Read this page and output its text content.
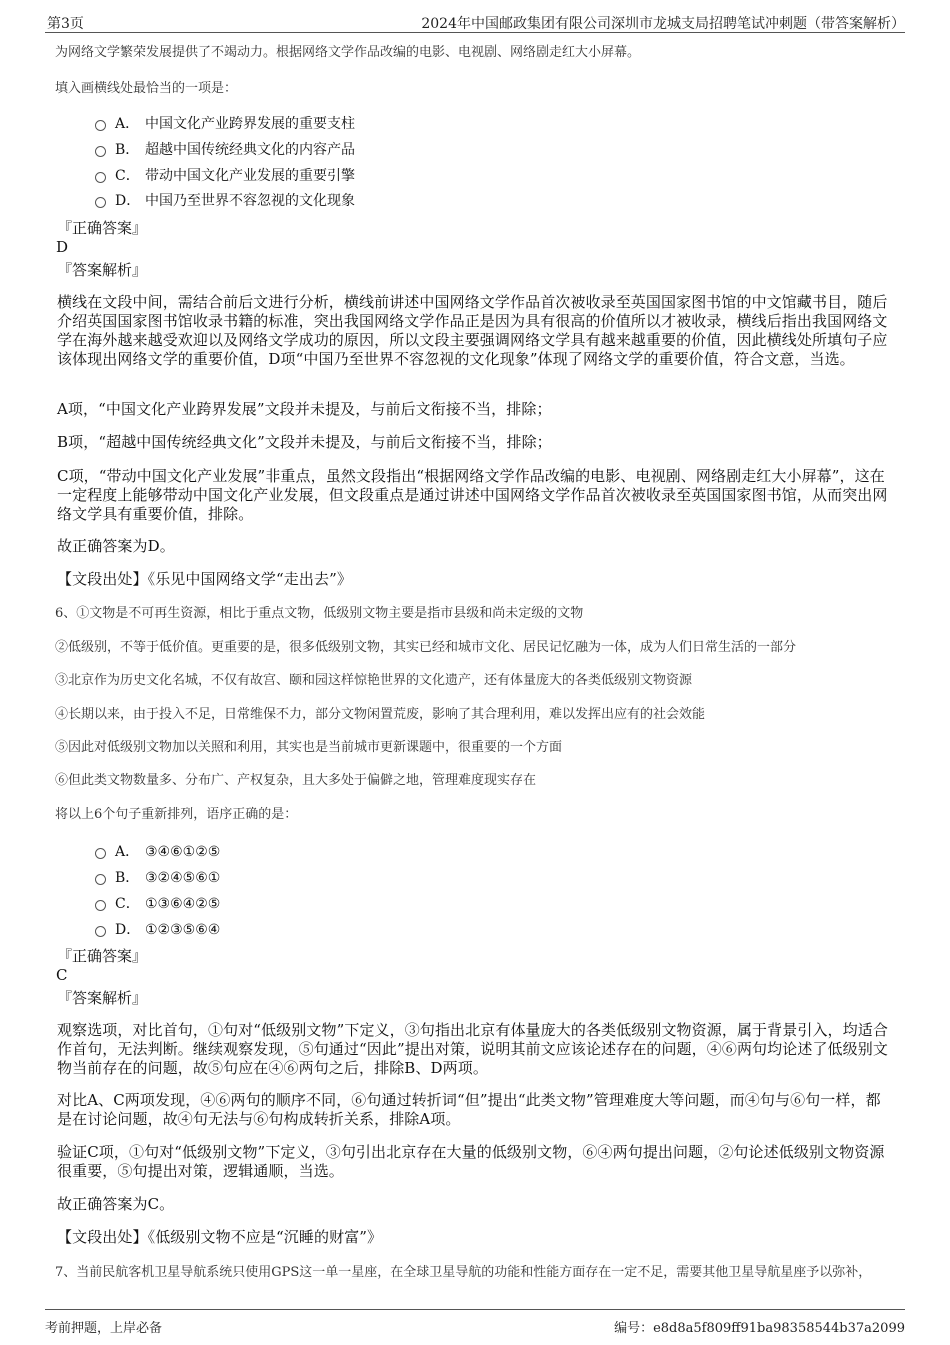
第3页	2024年中国邮政集团有限公司深圳市龙城支局招聘笔试冲刺题（带答案解析）
为网络文学繁荣发展提供了不竭动力。根据网络文学作品改编的电影、电视剧、网络剧走红大小屏幕。
填入画横线处最恰当的一项是：
A． 中国文化产业跨界发展的重要支柱
B． 超越中国传统经典文化的内容产品
C． 带动中国文化产业发展的重要引擎
D． 中国乃至世界不容忽视的文化现象
『正确答案』
D
『答案解析』
横线在文段中间，需结合前后文进行分析，横线前讲述中国网络文学作品首次被收录至英国国家图书馆的中文馆藏书目，随后介绍英国国家图书馆收录书籍的标准，突出我国网络文学作品正是因为具有很高的价值所以才被收录，横线后指出我国网络文学在海外越来越受欢迎以及网络文学成功的原因，所以文段主要强调网络文学具有越来越重要的价值，因此横线处所填句子应该体现出网络文学的重要价值，D项“中国乃至世界不容忽视的文化现象”体现了网络文学的重要价值，符合文意，当选。
A项，“中国文化产业跨界发展”文段并未提及，与前后文衔接不当，排除；
B项，“超越中国传统经典文化”文段并未提及，与前后文衔接不当，排除；
C项，“带动中国文化产业发展”非重点，虽然文段指出“根据网络文学作品改编的电影、电视剧、网络剧走红大小屏幕”，这在一定程度上能够带动中国文化产业发展，但文段重点是通过讲述中国网络文学作品首次被收录至英国国家图书馆，从而突出网络文学具有重要价值，排除。
故正确答案为D。
【文段出处】《乐见中国网络文学“走出去”》
6、①文物是不可再生资源，相比于重点文物，低级别文物主要是指市县级和尚未定级的文物
②低级别，不等于低价值。更重要的是，很多低级别文物，其实已经和城市文化、居民记忆融为一体，成为人们日常生活的一部分
③北京作为历史文化名城，不仅有故宫、颐和园这样惊艳世界的文化遗产，还有体量庞大的各类低级别文物资源
④长期以来，由于投入不足，日常维保不力，部分文物闲置荒废，影响了其合理利用，难以发挥出应有的社会效能
⑤因此对低级别文物加以关照和利用，其实也是当前城市更新课题中，很重要的一个方面
⑥但此类文物数量多、分布广、产权复杂，且大多处于偏僻之地，管理难度现实存在
将以上6个句子重新排列，语序正确的是：
A． ③④⑥①②⑤
B． ③②④⑤⑥①
C． ①③⑥④②⑤
D． ①②③⑤⑥④
『正确答案』
C
『答案解析』
观察选项，对比首句，①句对“低级别文物”下定义，③句指出北京有体量庞大的各类低级别文物资源，属于背景引入，均适合作首句，无法判断。继续观察发现，⑤句通过“因此”提出对策，说明其前文应该论述存在的问题，④⑥两句均论述了低级别文物当前存在的问题，故⑤句应在④⑥两句之后，排除B、D两项。
对比A、C两项发现，④⑥两句的顺序不同，⑥句通过转折词“但”提出“此类文物”管理难度大等问题，而④句与⑥句一样，都是在讨论问题，故④句无法与⑥句构成转折关系，排除A项。
验证C项，①句对“低级别文物”下定义，③句引出北京存在大量的低级别文物，⑥④两句提出问题，②句论述低级别文物资源很重要，⑤句提出对策，逻辑通顺，当选。
故正确答案为C。
【文段出处】《低级别文物不应是“沉睡的财富”》
7、当前民航客机卫星导航系统只使用GPS这一单一星座，在全球卫星导航的功能和性能方面存在一定不足，需要其他卫星导航星座予以弥补，
考前押题，上岸必备	编号：e8d8a5f809ff91ba98358544b37a2099
